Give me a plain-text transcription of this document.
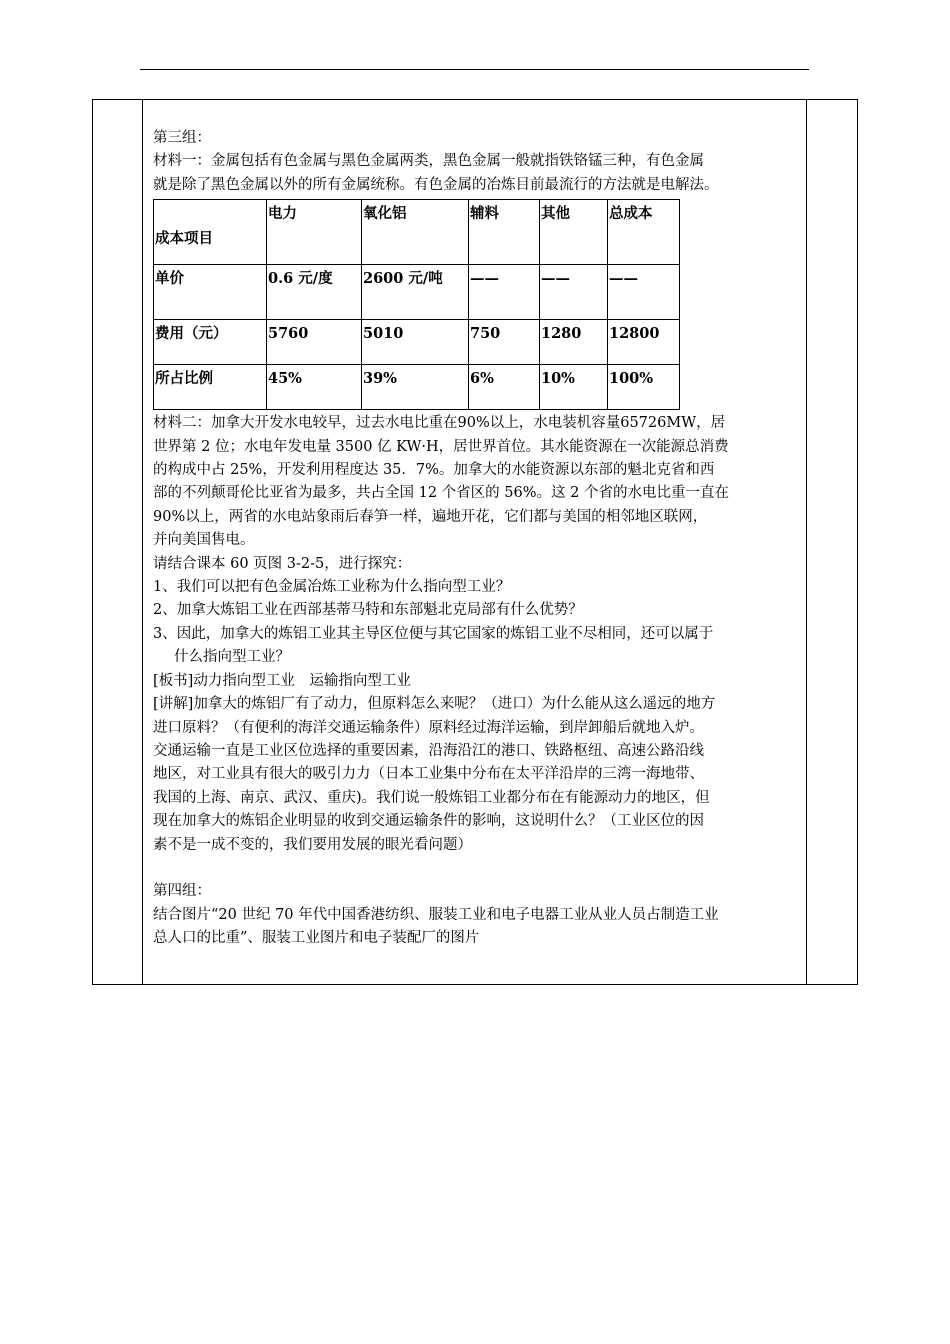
第三组：

材料一：金属包括有色金属与黑色金属两类，黑色金属一般就指铁铬锰三种，有色金属

就是除了黑色金属以外的所有金属统称。有色金属的冶炼目前最流行的方法就是电解法。

成本项目	电力	氧化铝	辅料	其他	总成本
单价	0.6 元/度	2600 元/吨	——	——	——
费用（元）	5760	5010	750	1280	12800
所占比例	45%	39%	6%	10%	100%

材料二：加拿大开发水电较早，过去水电比重在90%以上，水电装机容量65726MW，居

世界第 2 位；水电年发电量 3500 亿 KW·H，居世界首位。其水能资源在一次能源总消费

的构成中占 25%，开发利用程度达 35．7%。加拿大的水能资源以东部的魁北克省和西

部的不列颠哥伦比亚省为最多，共占全国 12 个省区的 56%。这 2 个省的水电比重一直在

90%以上，两省的水电站象雨后春笋一样，遍地开花，它们都与美国的相邻地区联网，

并向美国售电。

请结合课本 60 页图 3-2-5，进行探究：

1、我们可以把有色金属冶炼工业称为什么指向型工业？

2、加拿大炼铝工业在西部基蒂马特和东部魁北克局部有什么优势？

3、因此，加拿大的炼铝工业其主导区位便与其它国家的炼铝工业不尽相同，还可以属于

什么指向型工业？

[板书]动力指向型工业　运输指向型工业

[讲解]加拿大的炼铝厂有了动力，但原料怎么来呢？（进口）为什么能从这么遥远的地方

进口原料？（有便利的海洋交通运输条件）原料经过海洋运输，到岸卸船后就地入炉。

交通运输一直是工业区位选择的重要因素，沿海沿江的港口、铁路枢纽、高速公路沿线

地区，对工业具有很大的吸引力力（日本工业集中分布在太平洋沿岸的三湾一海地带、

我国的上海、南京、武汉、重庆)。我们说一般炼铝工业都分布在有能源动力的地区，但

现在加拿大的炼铝企业明显的收到交通运输条件的影响，这说明什么？（工业区位的因

素不是一成不变的，我们要用发展的眼光看问题）

第四组：

结合图片“20 世纪 70 年代中国香港纺织、服装工业和电子电器工业从业人员占制造工业

总人口的比重”、服装工业图片和电子装配厂的图片
